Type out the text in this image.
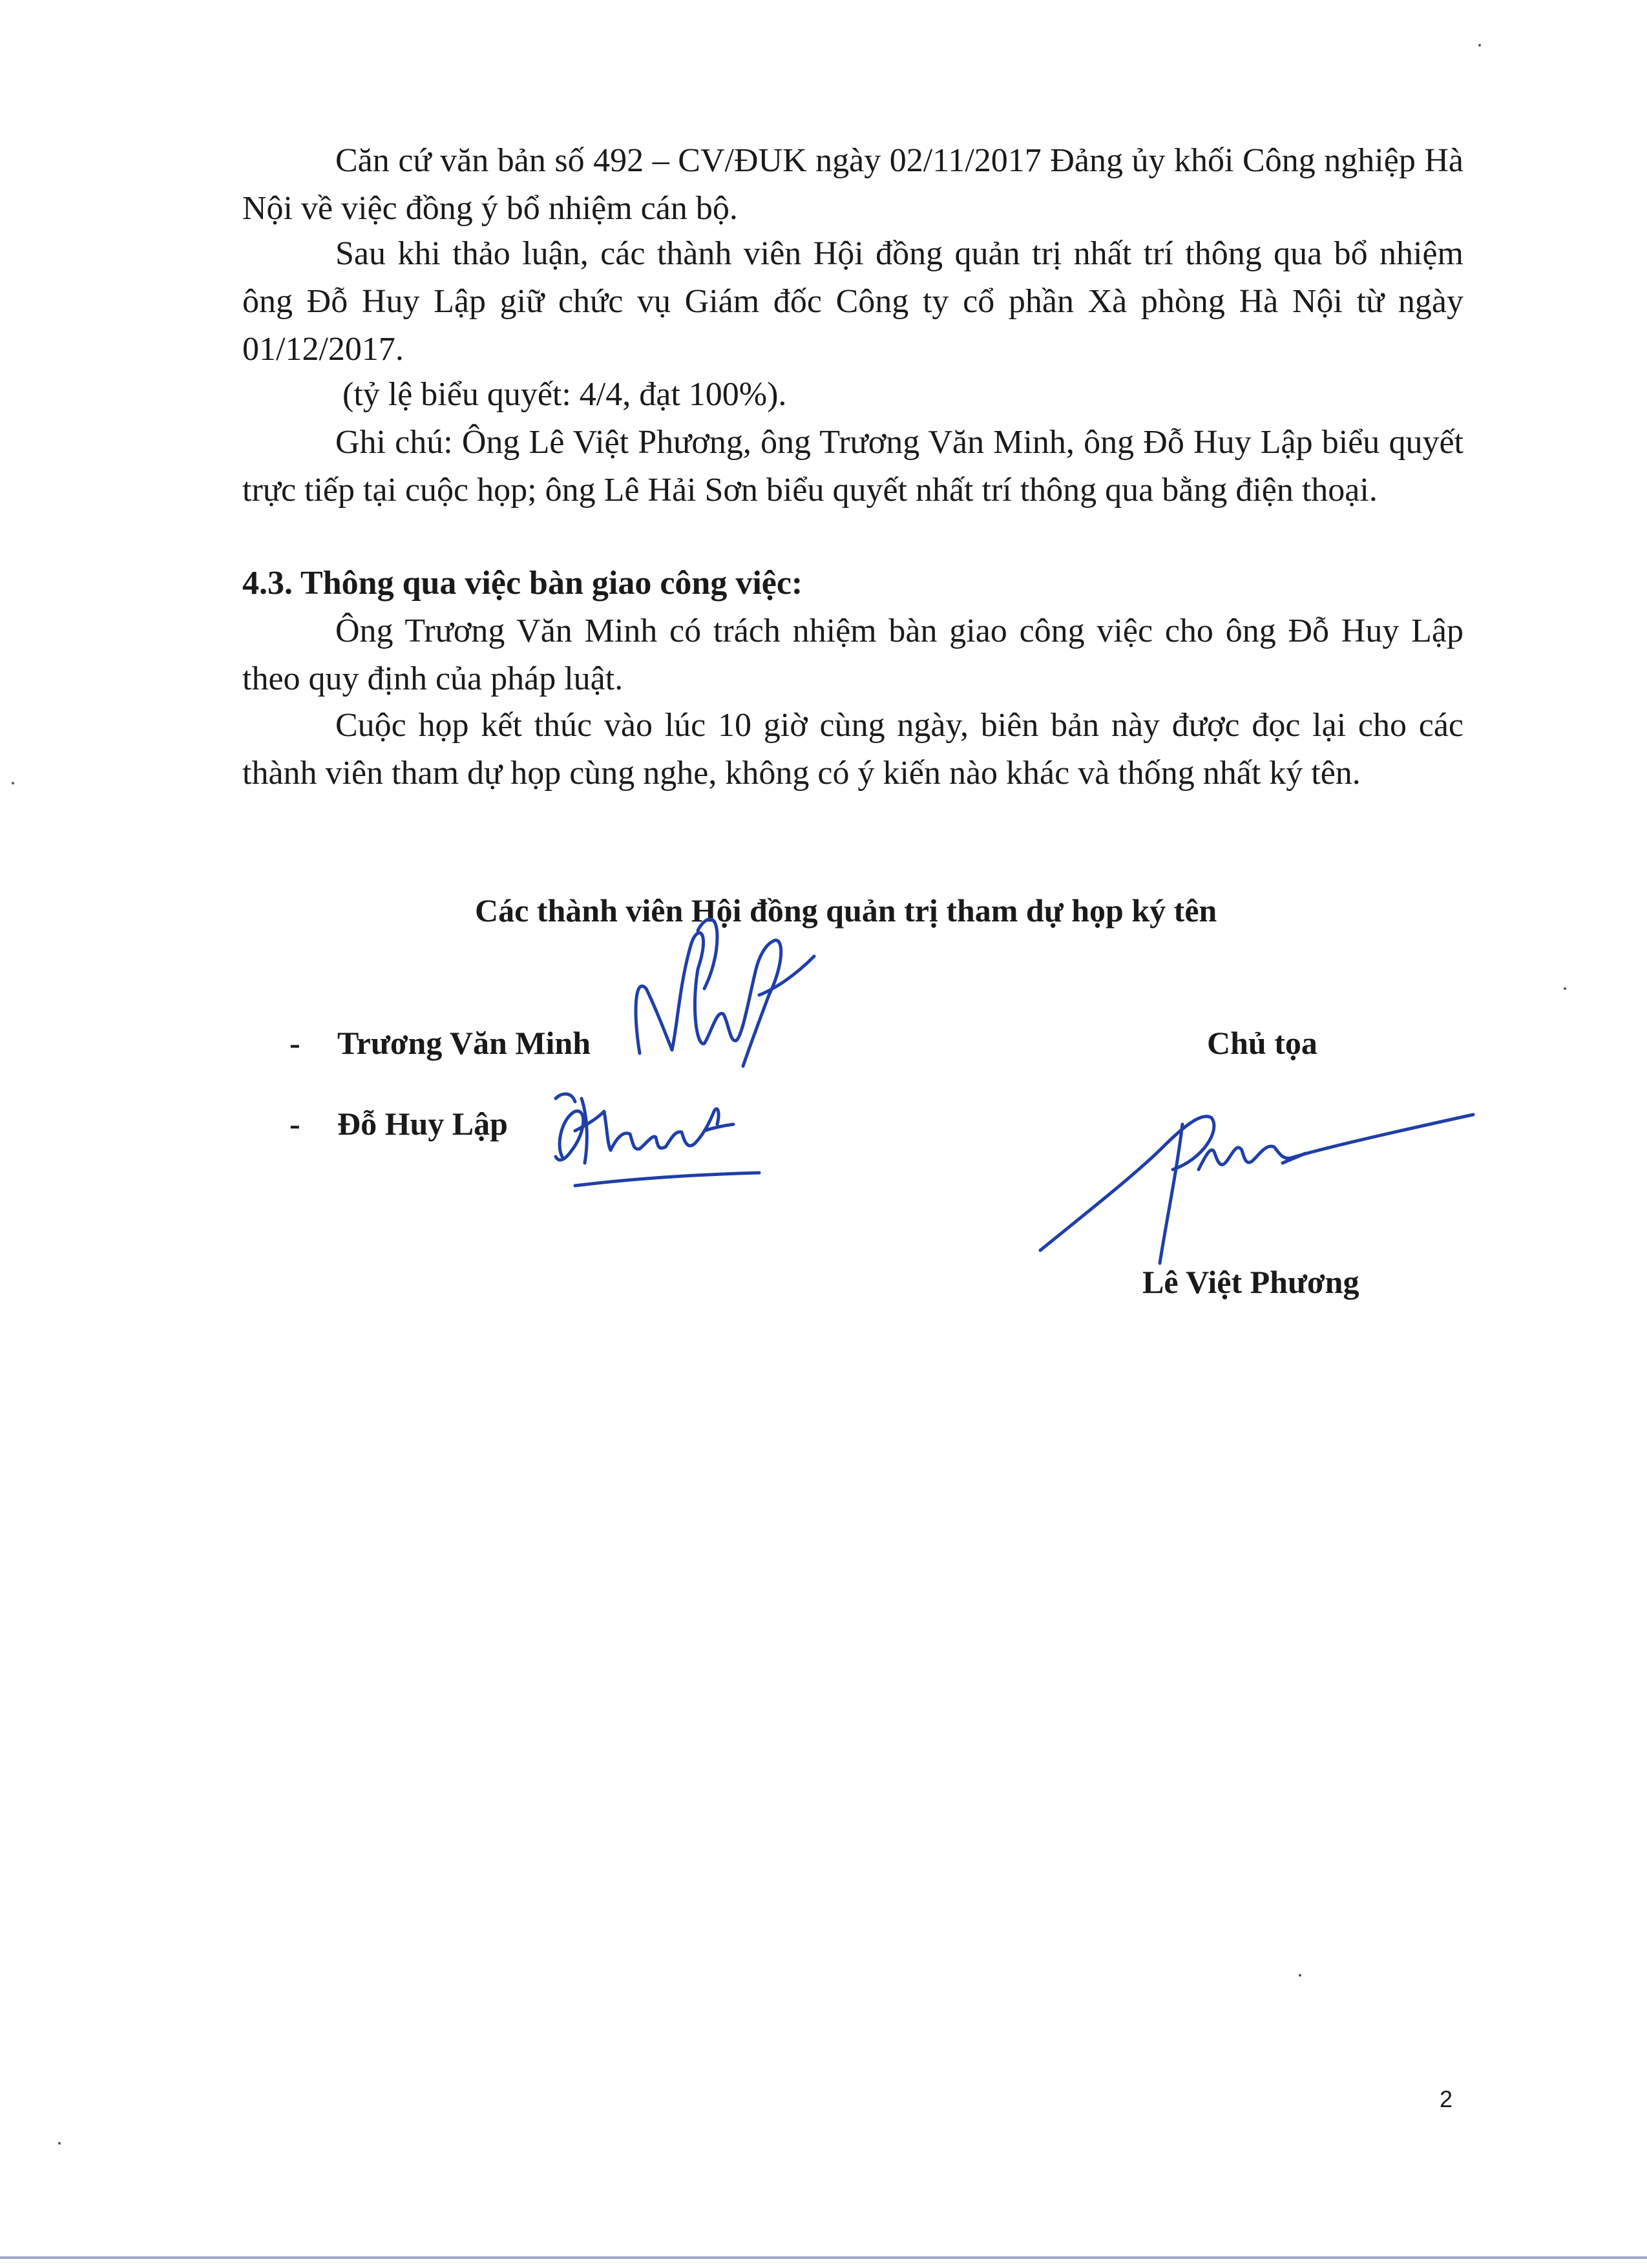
Căn cứ văn bản số 492 – CV/ĐUK ngày 02/11/2017 Đảng ủy khối Công nghiệp Hà Nội về việc đồng ý bổ nhiệm cán bộ.

Sau khi thảo luận, các thành viên Hội đồng quản trị nhất trí thông qua bổ nhiệm ông Đỗ Huy Lập giữ chức vụ Giám đốc Công ty cổ phần Xà phòng Hà Nội từ ngày 01/12/2017.

(tỷ lệ biểu quyết: 4/4, đạt 100%).

Ghi chú: Ông Lê Việt Phương, ông Trương Văn Minh, ông Đỗ Huy Lập biểu quyết trực tiếp tại cuộc họp; ông Lê Hải Sơn biểu quyết nhất trí thông qua bằng điện thoại.

4.3. Thông qua việc bàn giao công việc:

Ông Trương Văn Minh có trách nhiệm bàn giao công việc cho ông Đỗ Huy Lập theo quy định của pháp luật.

Cuộc họp kết thúc vào lúc 10 giờ cùng ngày, biên bản này được đọc lại cho các thành viên tham dự họp cùng nghe, không có ý kiến nào khác và thống nhất ký tên.

Các thành viên Hội đồng quản trị tham dự họp ký tên

- Trương Văn Minh

- Đỗ Huy Lập

Chủ tọa

Lê Việt Phương

2
